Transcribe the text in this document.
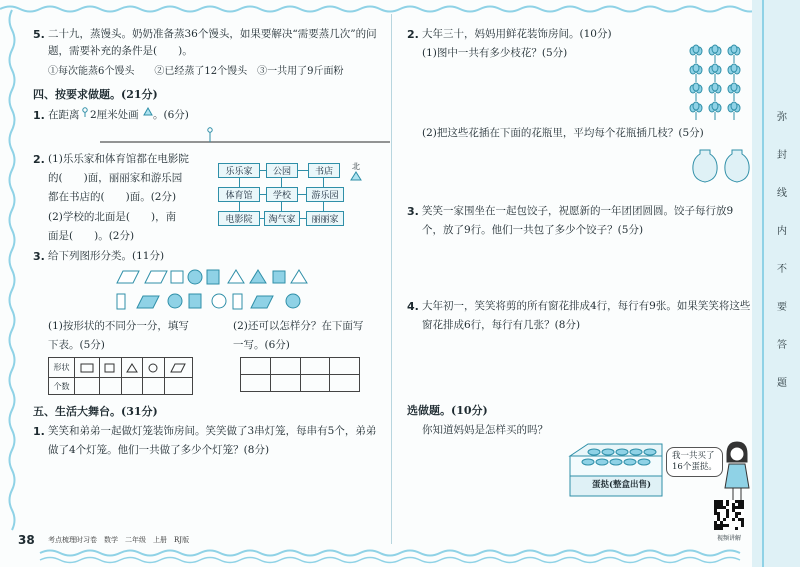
弥
封
线
内
不
要
答
题
5. 二十九，蒸馒头。奶奶准备蒸36个馒头，如果要解决“需要蒸几次”的问
题，需要补充的条件是(　　)。
①每次能蒸6个馒头　　②已经蒸了12个馒头　③一共用了9斤面粉
四、按要求做题。(21分)
1. 在距离 2厘米处画 。(6分)
2. (1)乐乐家和体育馆都在电影院
的(　　)面，丽丽家和游乐园
都在书店的(　　)面。(2分)
(2)学校的北面是(　　)，南
面是(　　)。(2分)
乐乐家	公园	书店
体育馆	学校	游乐园
电影院	淘气家	丽丽家
北
3. 给下列图形分类。(11分)
(1)按形状的不同分一分，填写
下表。(5分)
(2)还可以怎样分？在下面写
一写。(6分)
形状					
个数					

五、生活大舞台。(31分)
1. 笑笑和弟弟一起做灯笼装饰房间。笑笑做了3串灯笼，每串有5个，弟弟
做了4个灯笼。他们一共做了多少个灯笼？(8分)
38 考点梳理时习卷　数学　二年级　上册　RJ版
2. 大年三十，妈妈用鲜花装饰房间。(10分)
(1)图中一共有多少枝花？(5分)
(2)把这些花插在下面的花瓶里，平均每个花瓶插几枝？(5分)
3. 笑笑一家围坐在一起包饺子，祝愿新的一年团团圆圆。饺子每行放9
个，放了9行。他们一共包了多少个饺子？(5分)
4. 大年初一，笑笑将剪的所有窗花排成4行，每行有9张。如果笑笑将这些
窗花排成6行，每行有几张？(8分)
选做题。(10分)
你知道妈妈是怎样买的吗？
蛋挞(整盒出售)
我一共买了
16个蛋挞。
视频讲解
